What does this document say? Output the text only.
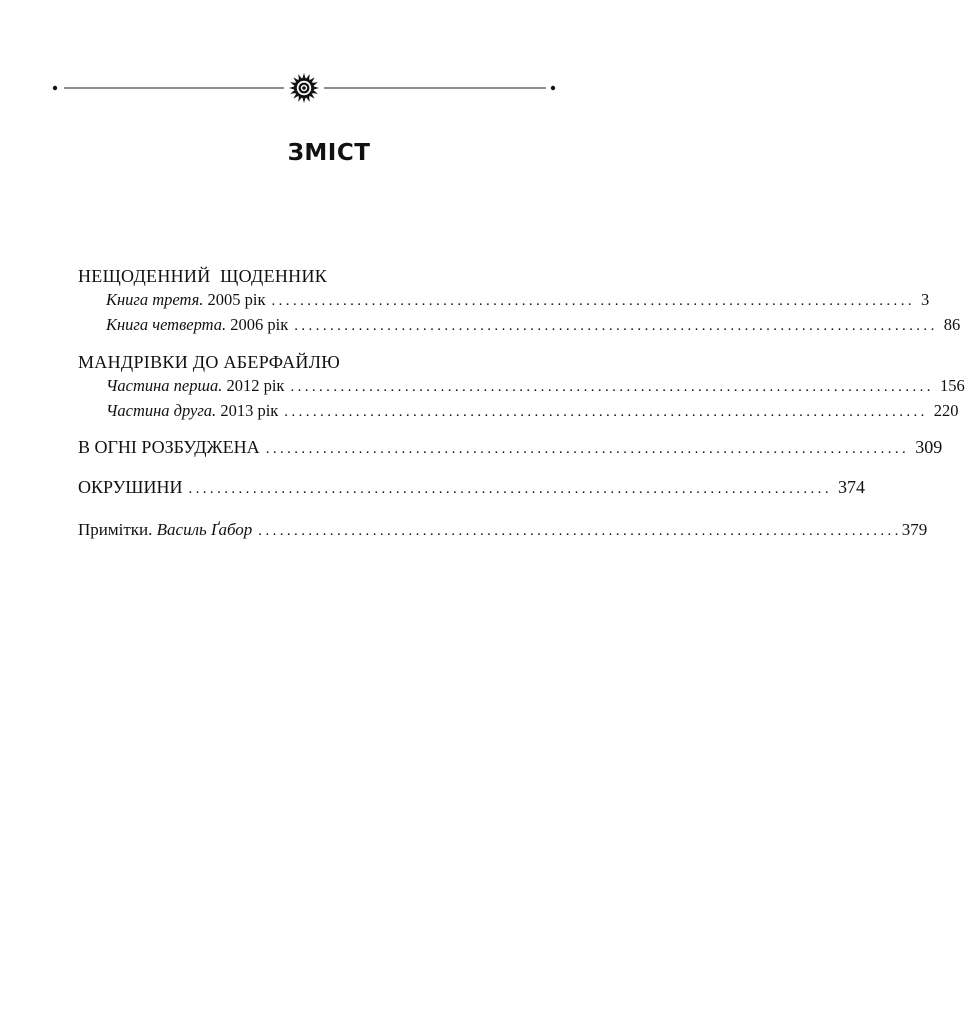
ЗМІСТ
НЕЩОДЕННИЙ  ЩОДЕННИК
Книга третя. 2005 рік .......................................................................................... 3
Книга четверта. 2006 рік .......................................................................................... 86
МАНДРІВКИ ДО АБЕРФАЙЛЮ
Частина перша. 2012 рік .......................................................................................... 156
Частина друга. 2013 рік .......................................................................................... 220
В ОГНІ РОЗБУДЖЕНА .......................................................................................... 309
ОКРУШИНИ .......................................................................................... 374
Примітки. Василь Ґабор .......................................................................................... 379
